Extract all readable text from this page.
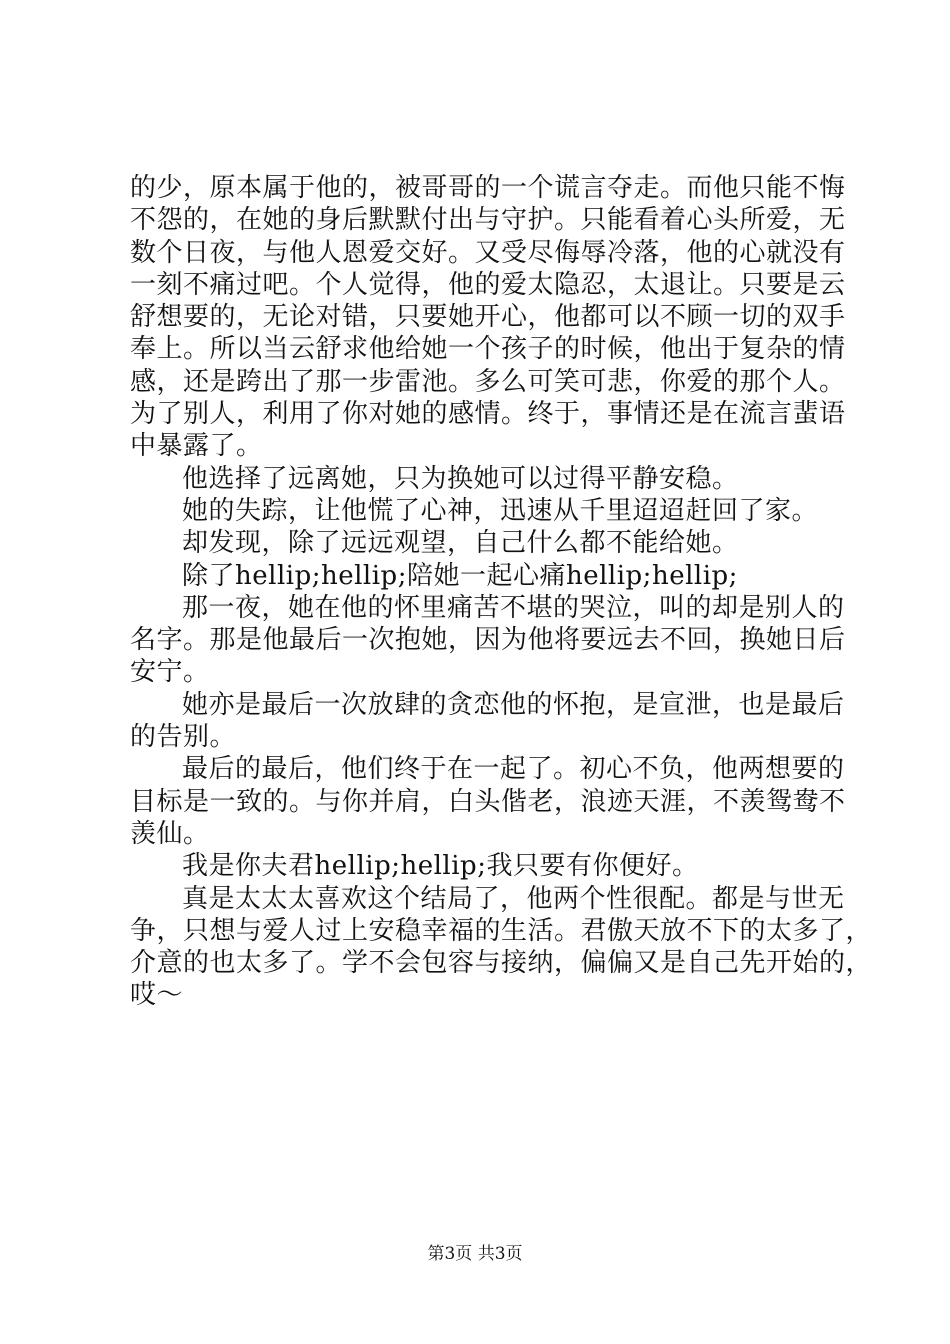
的少，原本属于他的，被哥哥的一个谎言夺走。而他只能不悔
不怨的，在她的身后默默付出与守护。只能看着心头所爱，无
数个日夜，与他人恩爱交好。又受尽侮辱冷落，他的心就没有
一刻不痛过吧。个人觉得，他的爱太隐忍，太退让。只要是云
舒想要的，无论对错，只要她开心，他都可以不顾一切的双手
奉上。所以当云舒求他给她一个孩子的时候，他出于复杂的情
感，还是跨出了那一步雷池。多么可笑可悲，你爱的那个人。
为了别人，利用了你对她的感情。终于，事情还是在流言蜚语
中暴露了。
他选择了远离她，只为换她可以过得平静安稳。
她的失踪，让他慌了心神，迅速从千里迢迢赶回了家。
却发现，除了远远观望，自己什么都不能给她。
除了hellip;hellip;陪她一起心痛hellip;hellip;
那一夜，她在他的怀里痛苦不堪的哭泣，叫的却是别人的
名字。那是他最后一次抱她，因为他将要远去不回，换她日后
安宁。
她亦是最后一次放肆的贪恋他的怀抱，是宣泄，也是最后
的告别。
最后的最后，他们终于在一起了。初心不负，他两想要的
目标是一致的。与你并肩，白头偕老，浪迹天涯，不羡鸳鸯不
羡仙。
我是你夫君hellip;hellip;我只要有你便好。
真是太太太喜欢这个结局了，他两个性很配。都是与世无
争，只想与爱人过上安稳幸福的生活。君傲天放不下的太多了，
介意的也太多了。学不会包容与接纳，偏偏又是自己先开始的，
哎～
第3页 共3页
